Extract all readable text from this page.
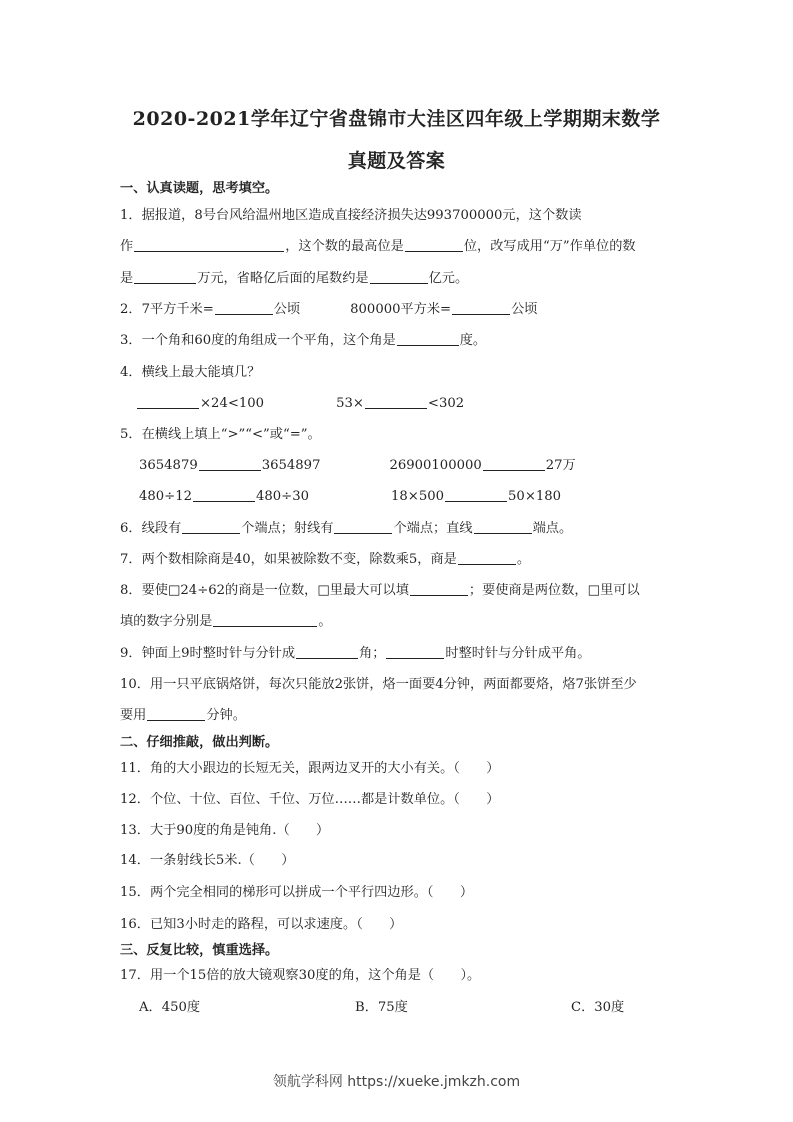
2020-2021学年辽宁省盘锦市大洼区四年级上学期期末数学
真题及答案
一、认真读题，思考填空。
1．据报道，8号台风给温州地区造成直接经济损失达993700000元，这个数读
作	，这个数的最高位是	位，改写成用“万”作单位的数
是	万元，省略亿后面的尾数约是	亿元。
2．7平方千米=	公顷	800000平方米=	公顷
3．一个角和60度的角组成一个平角，这个角是	度。
4．横线上最大能填几？
×24<100	53×	<302
5．在横线上填上“>”“<”或“=”。
3654879	3654897	26900100000	27万
480÷12	480÷30	18×500	50×180
6．线段有	个端点；射线有	个端点；直线	端点。
7．两个数相除商是40，如果被除数不变，除数乘5，商是	。
8．要使□24÷62的商是一位数，□里最大可以填	；要使商是两位数，□里可以
填的数字分别是	。
9．钟面上9时整时针与分针成	角；	时整时针与分针成平角。
10．用一只平底锅烙饼，每次只能放2张饼，烙一面要4分钟，两面都要烙，烙7张饼至少
要用	分钟。
二、仔细推敲，做出判断。
11．角的大小跟边的长短无关，跟两边叉开的大小有关。（　　）
12．个位、十位、百位、千位、万位……都是计数单位。（　　）
13．大于90度的角是钝角.（　　）
14．一条射线长5米.（　　）
15．两个完全相同的梯形可以拼成一个平行四边形。（　　）
16．已知3小时走的路程，可以求速度。（　　）
三、反复比较，慎重选择。
17．用一个15倍的放大镜观察30度的角，这个角是（　　）。
A．450度	B．75度	C．30度
领航学科网 https://xueke.jmkzh.com
